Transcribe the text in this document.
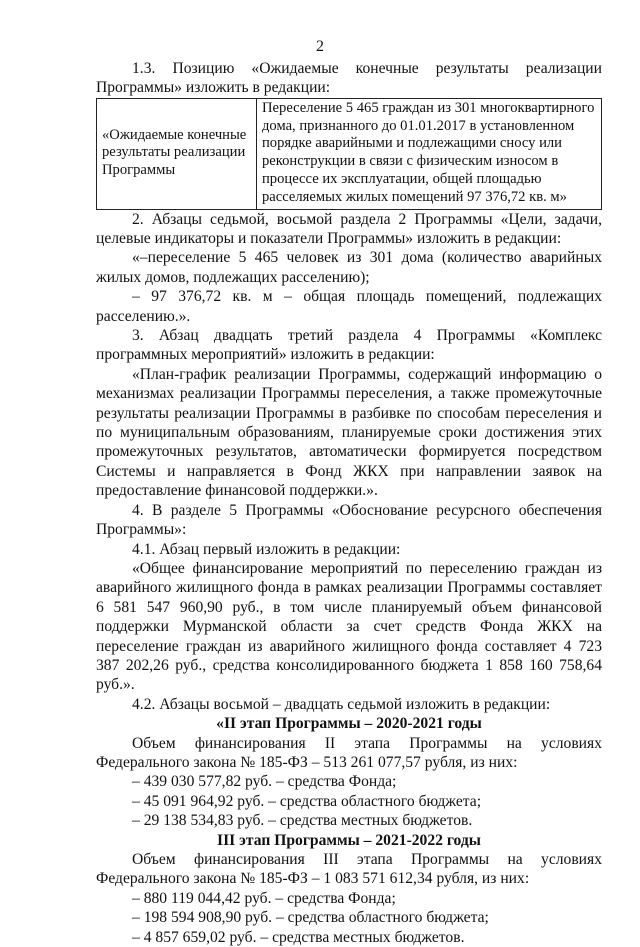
2

1.3. Позицию «Ожидаемые конечные результаты реализации Программы» изложить в редакции:

«Ожидаемые конечные результаты реализации Программы	Переселение 5 465 граждан из 301 многоквартирного дома, признанного до 01.01.2017 в установленном порядке аварийными и подлежащими сносу или реконструкции в связи с физическим износом в процессе их эксплуатации, общей площадью расселяемых жилых помещений 97 376,72 кв. м»

2. Абзацы седьмой, восьмой раздела 2 Программы «Цели, задачи, целевые индикаторы и показатели Программы» изложить в редакции:

«‒переселение 5 465 человек из 301 дома (количество аварийных жилых домов, подлежащих расселению);

‒ 97 376,72 кв. м ‒ общая площадь помещений, подлежащих расселению.».

3. Абзац двадцать третий раздела 4 Программы «Комплекс программных мероприятий» изложить в редакции:

«План-график реализации Программы, содержащий информацию о механизмах реализации Программы переселения, а также промежуточные результаты реализации Программы в разбивке по способам переселения и по муниципальным образованиям, планируемые сроки достижения этих промежуточных результатов, автоматически формируется посредством Системы и направляется в Фонд ЖКХ при направлении заявок на предоставление финансовой поддержки.».

4. В разделе 5 Программы «Обоснование ресурсного обеспечения Программы»:

4.1. Абзац первый изложить в редакции:

«Общее финансирование мероприятий по переселению граждан из аварийного жилищного фонда в рамках реализации Программы составляет 6 581 547 960,90 руб., в том числе планируемый объем финансовой поддержки Мурманской области за счет средств Фонда ЖКХ на переселение граждан из аварийного жилищного фонда составляет 4 723 387 202,26 руб., средства консолидированного бюджета 1 858 160 758,64 руб.».

4.2. Абзацы восьмой – двадцать седьмой изложить в редакции:

«II этап Программы – 2020-2021 годы

Объем финансирования II этапа Программы на условиях Федерального закона № 185-ФЗ – 513 261 077,57 рубля, из них:

‒ 439 030 577,82 руб. – средства Фонда;

‒ 45 091 964,92 руб. – средства областного бюджета;

‒ 29 138 534,83 руб. – средства местных бюджетов.

III этап Программы – 2021-2022 годы

Объем финансирования III этапа Программы на условиях Федерального закона № 185-ФЗ – 1 083 571 612,34 рубля, из них:

‒ 880 119 044,42 руб. – средства Фонда;

‒ 198 594 908,90 руб. – средства областного бюджета;

‒ 4 857 659,02 руб. – средства местных бюджетов.
